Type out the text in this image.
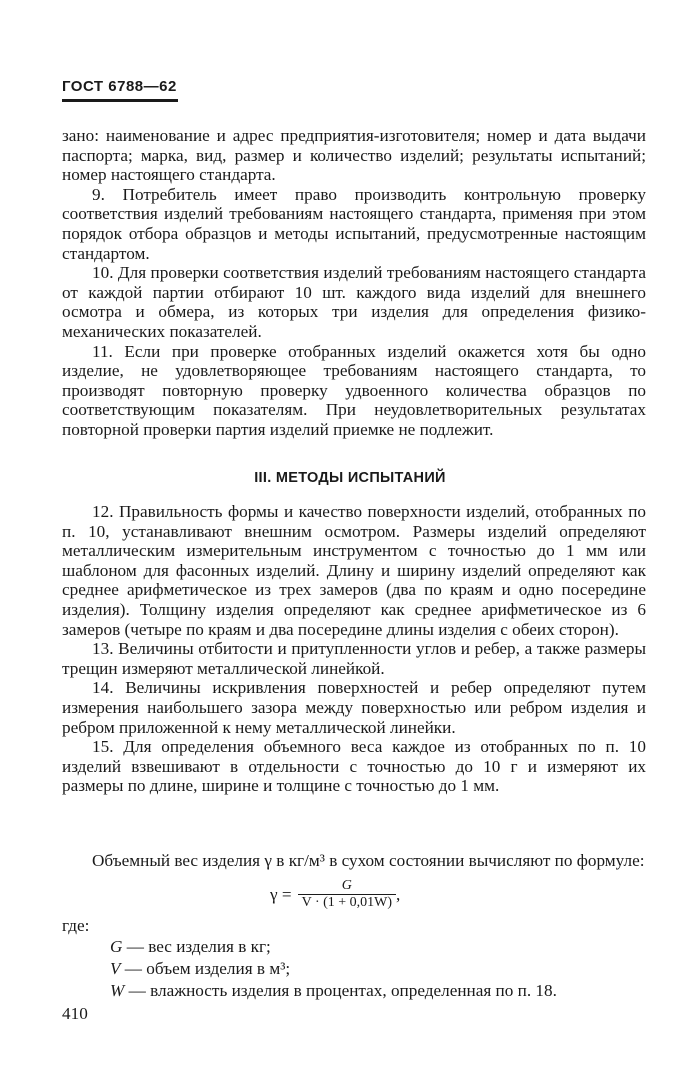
ГОСТ 6788—62

зано: наименование и адрес предприятия-изготовителя; номер и дата выдачи паспорта; марка, вид, размер и количество изделий; результаты испытаний; номер настоящего стандарта.

9. Потребитель имеет право производить контрольную проверку соответствия изделий требованиям настоящего стандарта, применяя при этом порядок отбора образцов и методы испытаний, предусмотренные настоящим стандартом.

10. Для проверки соответствия изделий требованиям настоящего стандарта от каждой партии отбирают 10 шт. каждого вида изделий для внешнего осмотра и обмера, из которых три изделия для определения физико-механических показателей.

11. Если при проверке отобранных изделий окажется хотя бы одно изделие, не удовлетворяющее требованиям настоящего стандарта, то производят повторную проверку удвоенного количества образцов по соответствующим показателям. При неудовлетворительных результатах повторной проверки партия изделий приемке не подлежит.

III. МЕТОДЫ ИСПЫТАНИЙ

12. Правильность формы и качество поверхности изделий, отобранных по п. 10, устанавливают внешним осмотром. Размеры изделий определяют металлическим измерительным инструментом с точностью до 1 мм или шаблоном для фасонных изделий. Длину и ширину изделий определяют как среднее арифметическое из трех замеров (два по краям и одно посередине изделия). Толщину изделия определяют как среднее арифметическое из 6 замеров (четыре по краям и два посередине длины изделия с обеих сторон).

13. Величины отбитости и притупленности углов и ребер, а также размеры трещин измеряют металлической линейкой.

14. Величины искривления поверхностей и ребер определяют путем измерения наибольшего зазора между поверхностью или ребром изделия и ребром приложенной к нему металлической линейки.

15. Для определения объемного веса каждое из отобранных по п. 10 изделий взвешивают в отдельности с точностью до 10 г и измеряют их размеры по длине, ширине и толщине с точностью до 1 мм.

Объемный вес изделия γ в кг/м³ в сухом состоянии вычисляют по формуле:
$\gamma = \frac{G}{V \cdot (1 + 0,01W)}$ ,
где:
G — вес изделия в кг;
V — объем изделия в м³;
W — влажность изделия в процентах, определенная по п. 18.
410
